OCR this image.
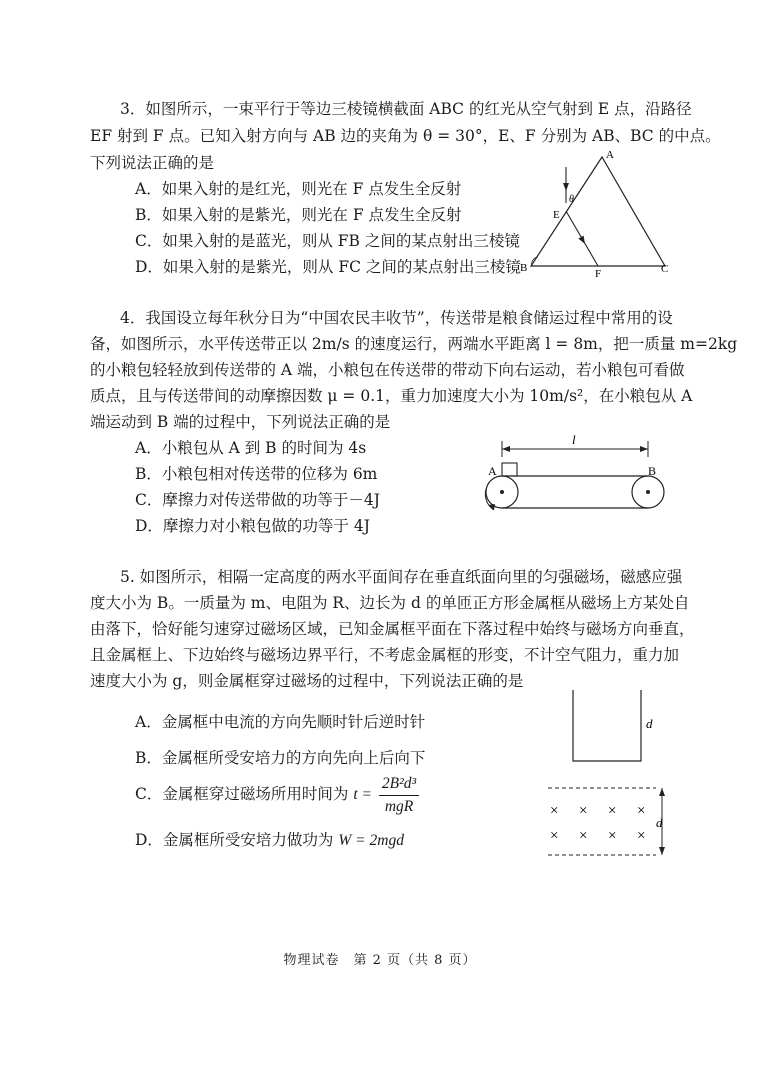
3．如图所示，一束平行于等边三棱镜横截面 ABC 的红光从空气射到 E 点，沿路径
EF 射到 F 点。已知入射方向与 AB 边的夹角为 θ = 30°，E、F 分别为 AB、BC 的中点。
下列说法正确的是
A．如果入射的是红光，则光在 F 点发生全反射
B．如果入射的是紫光，则光在 F 点发生全反射
C．如果入射的是蓝光，则从 FB 之间的某点射出三棱镜
D．如果入射的是紫光，则从 FC 之间的某点射出三棱镜
A
B	C
E
F
θ
4．我国设立每年秋分日为“中国农民丰收节”，传送带是粮食储运过程中常用的设
备，如图所示，水平传送带正以 2m/s 的速度运行，两端水平距离 l = 8m，把一质量 m=2kg
的小粮包轻轻放到传送带的 A 端，小粮包在传送带的带动下向右运动，若小粮包可看做
质点，且与传送带间的动摩擦因数 μ = 0.1，重力加速度大小为 10m/s²，在小粮包从 A
端运动到 B 端的过程中，下列说法正确的是
A．小粮包从 A 到 B 的时间为 4s
B．小粮包相对传送带的位移为 6m
C．摩擦力对传送带做的功等于－4J
D．摩擦力对小粮包做的功等于 4J
l
A	B
5. 如图所示，相隔一定高度的两水平面间存在垂直纸面向里的匀强磁场，磁感应强
度大小为 B。一质量为 m、电阻为 R、边长为 d 的单匝正方形金属框从磁场上方某处自
由落下，恰好能匀速穿过磁场区域，已知金属框平面在下落过程中始终与磁场方向垂直，
且金属框上、下边始终与磁场边界平行，不考虑金属框的形变，不计空气阻力，重力加
速度大小为 g，则金属框穿过磁场的过程中，下列说法正确的是
A．金属框中电流的方向先顺时针后逆时针
B．金属框所受安培力的方向先向上后向下
C．金属框穿过磁场所用时间为 $t = \frac{\text{2B²d³}}{\text{mgR}}$
D．金属框所受安培力做功为 W = 2mgd
d
d
× × × ×
× × × ×
物理试卷　第 2 页（共 8 页）
